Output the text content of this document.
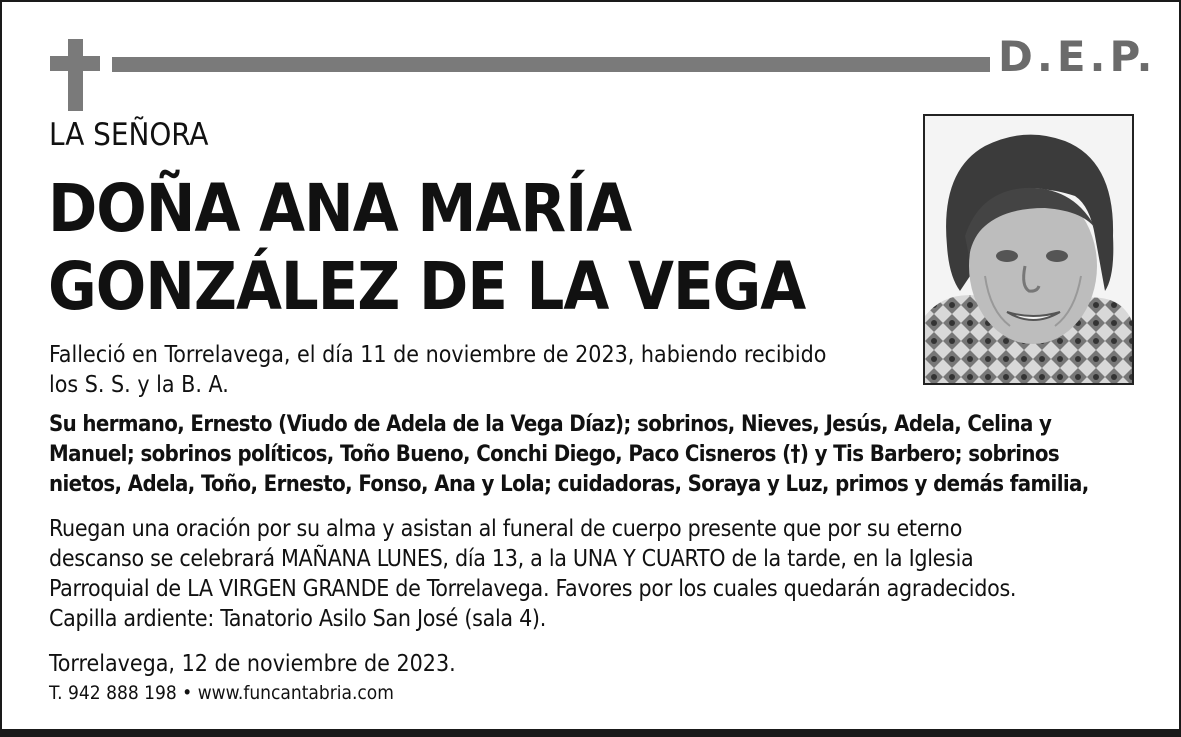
D.E.P.
LA SEÑORA
DOÑA ANA MARÍA
GONZÁLEZ DE LA VEGA
Falleció en Torrelavega, el día 11 de noviembre de 2023, habiendo recibido
los S. S. y la B. A.
Su hermano, Ernesto (Viudo de Adela de la Vega Díaz); sobrinos, Nieves, Jesús, Adela, Celina y
Manuel; sobrinos políticos, Toño Bueno, Conchi Diego, Paco Cisneros (†) y Tis Barbero; sobrinos
nietos, Adela, Toño, Ernesto, Fonso, Ana y Lola; cuidadoras, Soraya y Luz, primos y demás familia,
Ruegan una oración por su alma y asistan al funeral de cuerpo presente que por su eterno
descanso se celebrará MAÑANA LUNES, día 13, a la UNA Y CUARTO de la tarde, en la Iglesia
Parroquial de LA VIRGEN GRANDE de Torrelavega. Favores por los cuales quedarán agradecidos.
Capilla ardiente: Tanatorio Asilo San José (sala 4).
Torrelavega, 12 de noviembre de 2023.
T. 942 888 198 • www.funcantabria.com
